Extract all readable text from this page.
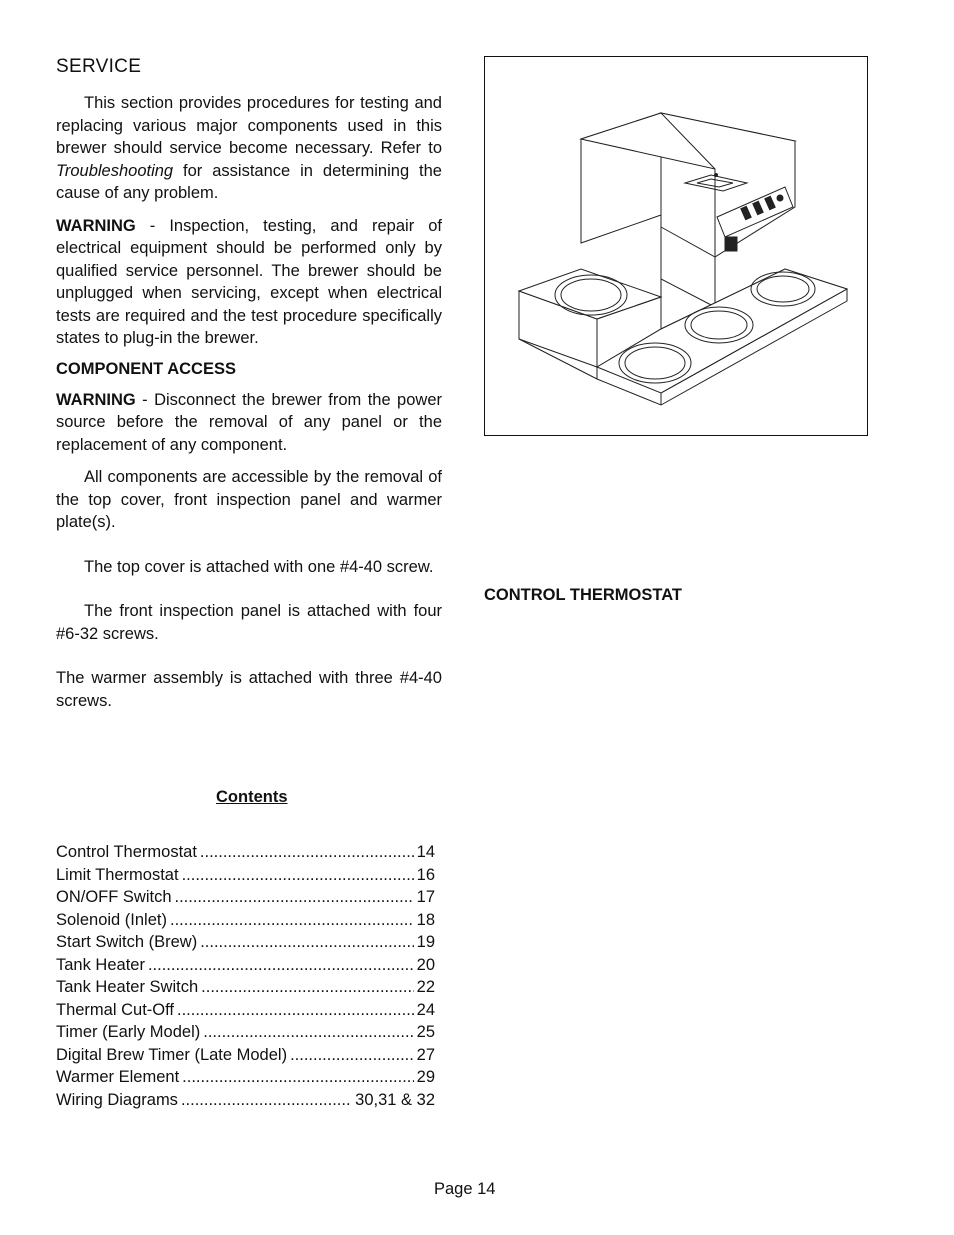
SERVICE

This section provides procedures for testing and replacing various major components used in this brewer should service become necessary. Refer to Troubleshooting for assistance in determining the cause of any problem.

WARNING - Inspection, testing, and repair of electrical equipment should be performed only by qualified service personnel. The brewer should be unplugged when servicing, except when electrical tests are required and the test procedure specifically states to plug-in the brewer.

COMPONENT ACCESS

WARNING - Disconnect the brewer from the power source before the removal of any panel or the replacement of any component.

All components are accessible by the removal of the top cover, front inspection panel and warmer plate(s).

The top cover is attached with one #4-40 screw.

The front inspection panel is attached with four #6-32 screws.

The warmer assembly is attached with three #4-40 screws.

Contents
Control Thermostat .....	14
Limit Thermostat .....	16
ON/OFF Switch .....	17
Solenoid (Inlet) .....	18
Start Switch (Brew) .....	19
Tank Heater .....	20
Tank Heater Switch .....	22
Thermal Cut-Off .....	24
Timer (Early Model) .....	25
Digital Brew Timer (Late Model) .....	27
Warmer Element .....	29
Wiring Diagrams .....	30,31 & 32
CONTROL THERMOSTAT
Page 14
